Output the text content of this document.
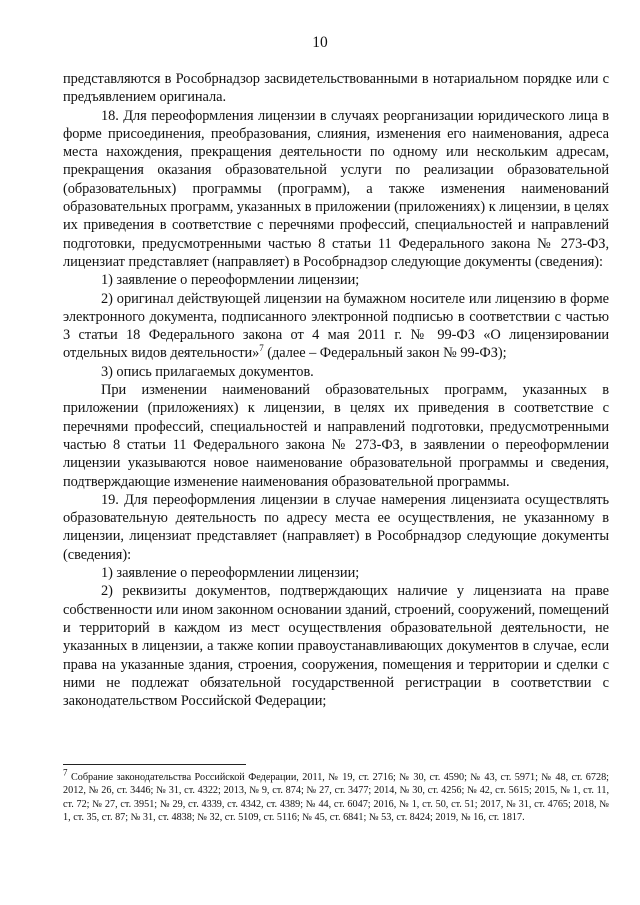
10

представляются в Рособрнадзор засвидетельствованными в нотариальном порядке или с предъявлением оригинала.

18. Для переоформления лицензии в случаях реорганизации юридического лица в форме присоединения, преобразования, слияния, изменения его наименования, адреса места нахождения, прекращения деятельности по одному или нескольким адресам, прекращения оказания образовательной услуги по реализации образовательной (образовательных) программы (программ), а также изменения наименований образовательных программ, указанных в приложении (приложениях) к лицензии, в целях их приведения в соответствие с перечнями профессий, специальностей и направлений подготовки, предусмотренными частью 8 статьи 11 Федерального закона № 273-ФЗ, лицензиат представляет (направляет) в Рособрнадзор следующие документы (сведения):

1) заявление о переоформлении лицензии;

2) оригинал действующей лицензии на бумажном носителе или лицензию в форме электронного документа, подписанного электронной подписью в соответствии с частью 3 статьи 18 Федерального закона от 4 мая 2011 г. № 99-ФЗ «О лицензировании отдельных видов деятельности»$^7$ (далее – Федеральный закон № 99-ФЗ);

3) опись прилагаемых документов.

При изменении наименований образовательных программ, указанных в приложении (приложениях) к лицензии, в целях их приведения в соответствие с перечнями профессий, специальностей и направлений подготовки, предусмотренными частью 8 статьи 11 Федерального закона № 273-ФЗ, в заявлении о переоформлении лицензии указываются новое наименование образовательной программы и сведения, подтверждающие изменение наименования образовательной программы.

19. Для переоформления лицензии в случае намерения лицензиата осуществлять образовательную деятельность по адресу места ее осуществления, не указанному в лицензии, лицензиат представляет (направляет) в Рособрнадзор следующие документы (сведения):

1) заявление о переоформлении лицензии;

2) реквизиты документов, подтверждающих наличие у лицензиата на праве собственности или ином законном основании зданий, строений, сооружений, помещений и территорий в каждом из мест осуществления образовательной деятельности, не указанных в лицензии, а также копии правоустанавливающих документов в случае, если права на указанные здания, строения, сооружения, помещения и территории и сделки с ними не подлежат обязательной государственной регистрации в соответствии с законодательством Российской Федерации;

$^7$ Собрание законодательства Российской Федерации, 2011, № 19, ст. 2716; № 30, ст. 4590; № 43, ст. 5971; № 48, ст. 6728; 2012, № 26, ст. 3446; № 31, ст. 4322; 2013, № 9, ст. 874; № 27, ст. 3477; 2014, № 30, ст. 4256; № 42, ст. 5615; 2015, № 1, ст. 11, ст. 72; № 27, ст. 3951; № 29, ст. 4339, ст. 4342, ст. 4389; № 44, ст. 6047; 2016, № 1, ст. 50, ст. 51; 2017, № 31, ст. 4765; 2018, № 1, ст. 35, ст. 87; № 31, ст. 4838; № 32, ст. 5109, ст. 5116; № 45, ст. 6841; № 53, ст. 8424; 2019, № 16, ст. 1817.
